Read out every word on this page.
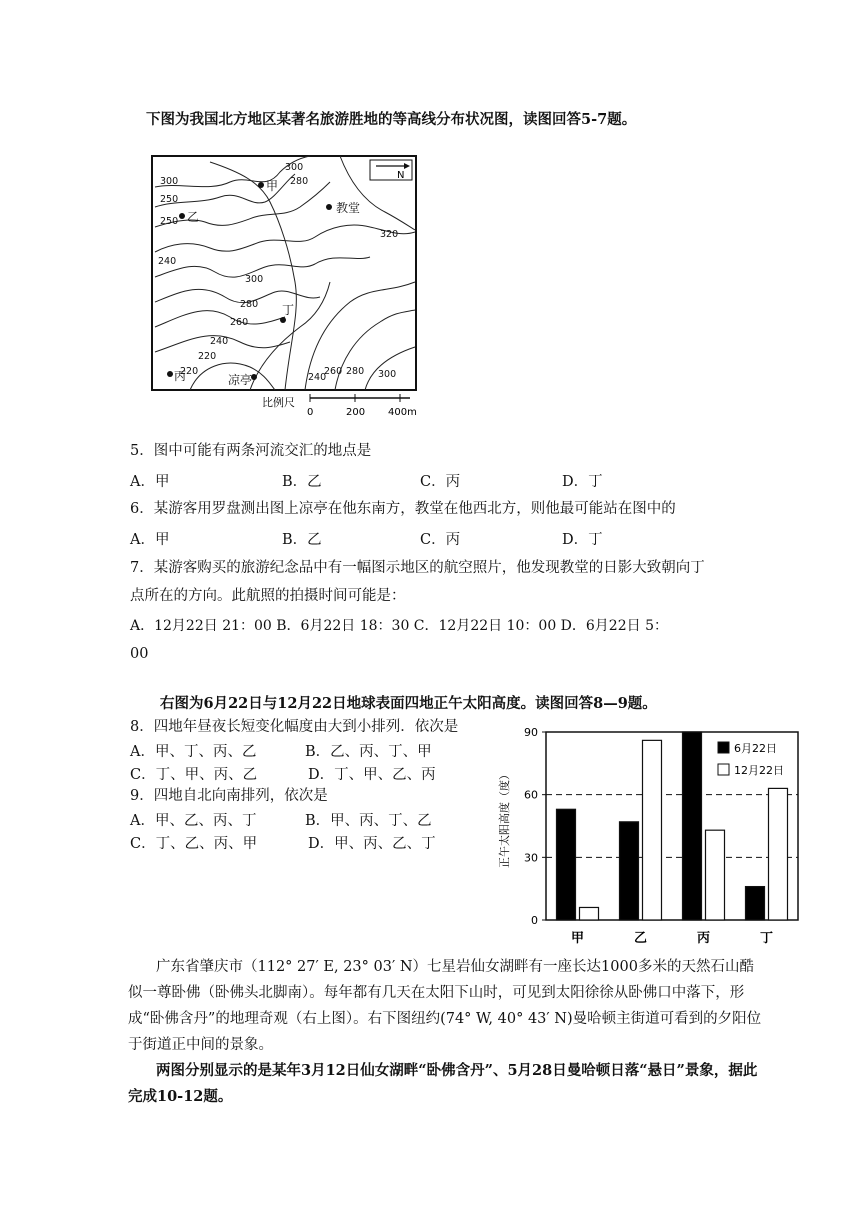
下图为我国北方地区某著名旅游胜地的等高线分布状况图，读图回答5-7题。
N
300
250
250
240
300
280
260
240
220
220
240
260 280 300
320
300
280
甲
乙
教堂
丁
丙	凉亭
比例尺
0	200 400m
5．图中可能有两条河流交汇的地点是
A．甲	B．乙	C．丙	D．丁
6．某游客用罗盘测出图上凉亭在他东南方，教堂在他西北方，则他最可能站在图中的
A．甲	B．乙	C．丙	D．丁
7．某游客购买的旅游纪念品中有一幅图示地区的航空照片，他发现教堂的日影大致朝向丁
点所在的方向。此航照的拍摄时间可能是：
A．12月22日 21：00 B．6月22日 18：30 C．12月22日 10：00 D．6月22日 5：
00
右图为6月22日与12月22日地球表面四地正午太阳高度。读图回答8—9题。
8．四地年昼夜长短变化幅度由大到小排列．依次是
A．甲、丁、丙、乙	B．乙、丙、丁、甲
C．丁、甲、丙、乙	D．丁、甲、乙、丙
9．四地自北向南排列，依次是
A．甲、乙、丙、丁	B．甲、丙、丁、乙
C．丁、乙、丙、甲	D．甲、丙、乙、丁	正午太阳高度（度）
0
30
60
90
甲	乙	丙	丁
6月22日
12月22日
广东省肇庆市（112° 27′ E, 23° 03′ N）七星岩仙女湖畔有一座长达1000多米的天然石山酷似一尊卧佛（卧佛头北脚南）。每年都有几天在太阳下山时，可见到太阳徐徐从卧佛口中落下，形成“卧佛含丹”的地理奇观（右上图）。右下图纽约(74° W, 40° 43′ N)曼哈顿主街道可看到的夕阳位于街道正中间的景象。
两图分别显示的是某年3月12日仙女湖畔“卧佛含丹”、5月28日曼哈顿日落“悬日”景象，据此完成10-12题。
